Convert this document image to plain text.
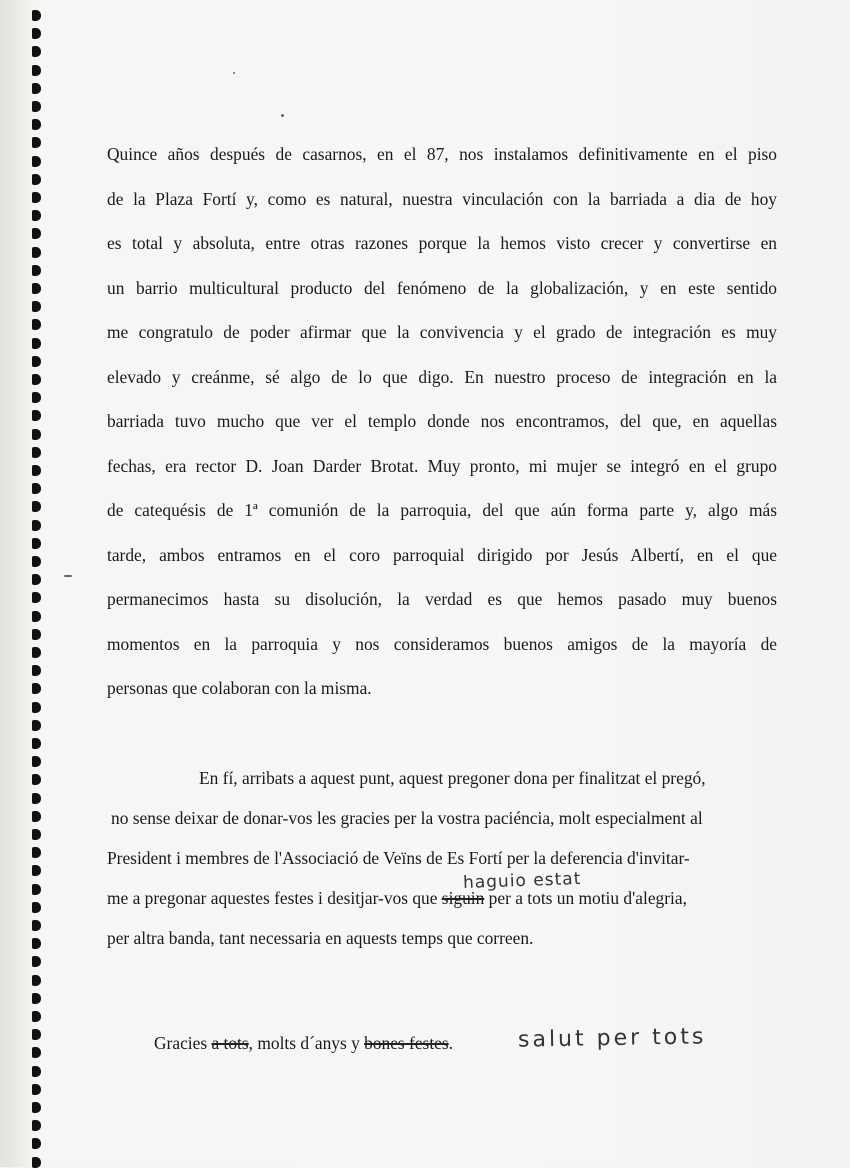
Quince años después de casarnos, en el 87, nos instalamos definitivamente en el piso
de la Plaza Fortí y, como es natural, nuestra vinculación con la barriada a dia de hoy
es total y absoluta, entre otras razones porque la hemos visto crecer y convertirse en
un barrio multicultural producto del fenómeno de la globalización, y en este sentido
me congratulo de poder afirmar que la convivencia y el grado de integración es muy
elevado y creánme, sé algo de lo que digo. En nuestro proceso de integración en la
barriada tuvo mucho que ver el templo donde nos encontramos, del que, en aquellas
fechas, era rector D. Joan Darder Brotat. Muy pronto, mi mujer se integró en el grupo
de catequésis de 1ª comunión de la parroquia, del que aún forma parte y, algo más
tarde, ambos entramos en el coro parroquial dirigido por Jesús Albertí, en el que
permanecimos hasta su disolución, la verdad es que hemos pasado muy buenos
momentos en la parroquia y nos consideramos buenos amigos de la mayoría de
personas que colaboran con la misma.
En fí, arribats a aquest punt, aquest pregoner dona per finalitzat el pregó,
no sense deixar de donar-vos les gracies per la vostra paciéncia, molt especialment al
President i membres de l'Associació de Veïns de Es Fortí per la deferencia d'invitar-
me a pregonar aquestes festes i desitjar-vos que siguin per a tots un motiu d'alegria,
per altra banda, tant necessaria en aquests temps que correen.
haguio estat
Gracies a tots, molts d´anys y bones festes.	salut per tots
